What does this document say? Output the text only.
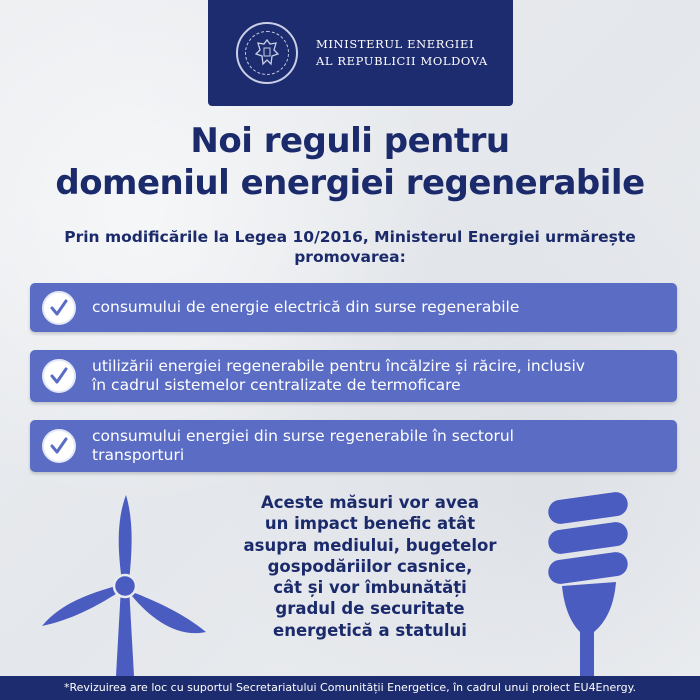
MINISTERUL ENERGIEI
AL REPUBLICII MOLDOVA
Noi reguli pentru
domeniul energiei regenerabile
Prin modificările la Legea 10/2016, Ministerul Energiei urmărește
promovarea:
consumului de energie electrică din surse regenerabile
utilizării energiei regenerabile pentru încălzire și răcire, inclusiv
în cadrul sistemelor centralizate de termoficare
consumului energiei din surse regenerabile în sectorul
transporturi
Aceste măsuri vor avea
un impact benefic atât
asupra mediului, bugetelor
gospodăriilor casnice,
cât și vor îmbunătăți
gradul de securitate
energetică a statului
*Revizuirea are loc cu suportul Secretariatului Comunității Energetice, în cadrul unui proiect EU4Energy.
